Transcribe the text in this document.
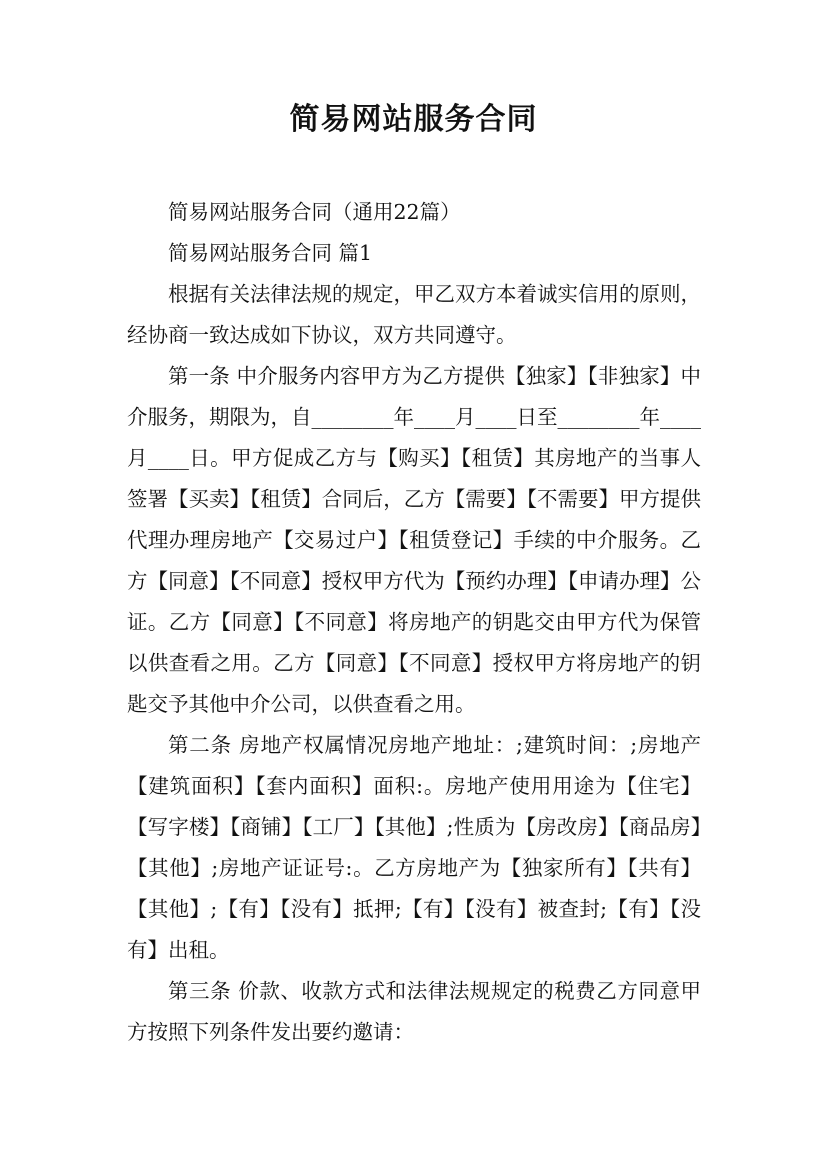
简易网站服务合同

简易网站服务合同（通用22篇）

简易网站服务合同 篇1

根据有关法律法规的规定，甲乙双方本着诚实信用的原则，经协商一致达成如下协议，双方共同遵守。

第一条 中介服务内容甲方为乙方提供【独家】【非独家】中介服务，期限为，自________年____月____日至________年____月____日。甲方促成乙方与【购买】【租赁】其房地产的当事人签署【买卖】【租赁】合同后，乙方【需要】【不需要】甲方提供代理办理房地产【交易过户】【租赁登记】手续的中介服务。乙方【同意】【不同意】授权甲方代为【预约办理】【申请办理】公证。乙方【同意】【不同意】将房地产的钥匙交由甲方代为保管以供查看之用。乙方【同意】【不同意】授权甲方将房地产的钥匙交予其他中介公司，以供查看之用。

第二条 房地产权属情况房地产地址：;建筑时间：;房地产【建筑面积】【套内面积】面积:。房地产使用用途为【住宅】【写字楼】【商铺】【工厂】【其他】;性质为【房改房】【商品房】【其他】;房地产证证号:。乙方房地产为【独家所有】【共有】【其他】;【有】【没有】抵押;【有】【没有】被查封;【有】【没有】出租。

第三条 价款、收款方式和法律法规规定的税费乙方同意甲方按照下列条件发出要约邀请：
